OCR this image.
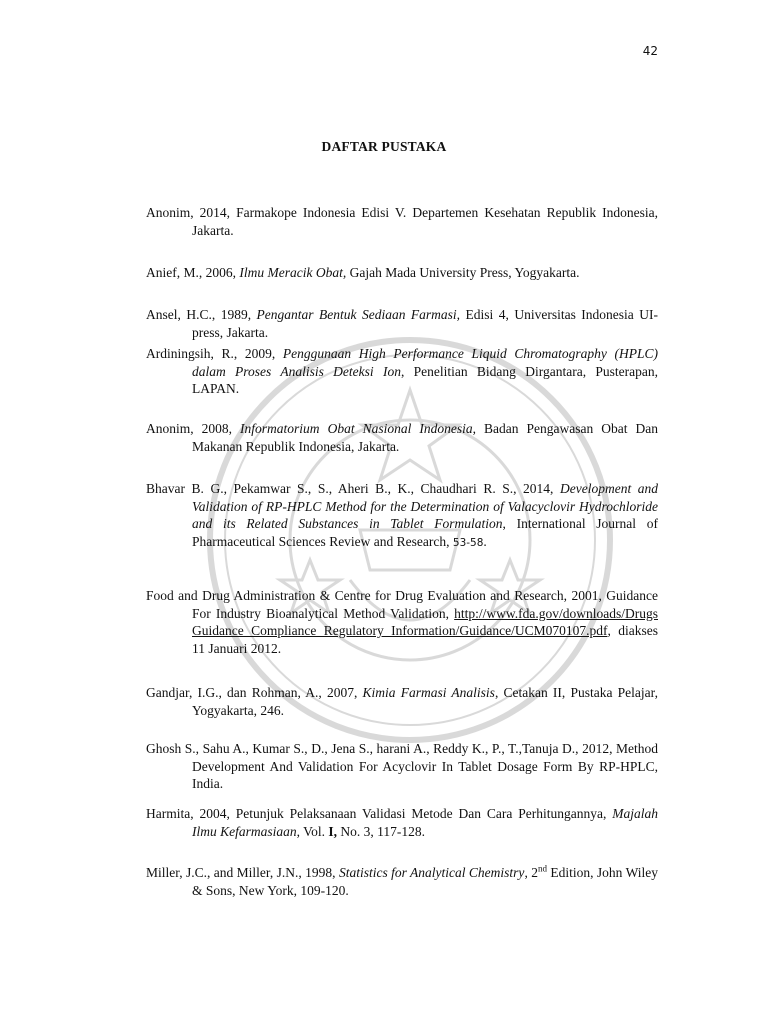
42
DAFTAR PUSTAKA
Anonim, 2014, Farmakope Indonesia Edisi V. Departemen Kesehatan Republik Indonesia, Jakarta.
Anief, M., 2006, Ilmu Meracik Obat, Gajah Mada University Press, Yogyakarta.
Ansel, H.C., 1989, Pengantar Bentuk Sediaan Farmasi, Edisi 4, Universitas Indonesia UI-press, Jakarta.
Ardiningsih, R., 2009, Penggunaan High Performance Liquid Chromatography (HPLC) dalam Proses Analisis Deteksi Ion, Penelitian Bidang Dirgantara, Pusterapan, LAPAN.
Anonim, 2008, Informatorium Obat Nasional Indonesia, Badan Pengawasan Obat Dan Makanan Republik Indonesia, Jakarta.
Bhavar B. G., Pekamwar S., S., Aheri B., K., Chaudhari R. S., 2014, Development and Validation of RP-HPLC Method for the Determination of Valacyclovir Hydrochloride and its Related Substances in Tablet Formulation, International Journal of Pharmaceutical Sciences Review and Research, 53-58.
Food and Drug Administration & Centre for Drug Evaluation and Research, 2001, Guidance For Industry Bioanalytical Method Validation, http://www.fda.gov/downloads/Drugs Guidance Compliance Regulatory Information/Guidance/UCM070107.pdf, diakses 11 Januari 2012.
Gandjar, I.G., dan Rohman, A., 2007, Kimia Farmasi Analisis, Cetakan II, Pustaka Pelajar, Yogyakarta, 246.
Ghosh S., Sahu A., Kumar S., D., Jena S., harani A., Reddy K., P., T.,Tanuja D., 2012, Method Development And Validation For Acyclovir In Tablet Dosage Form By RP-HPLC, India.
Harmita, 2004, Petunjuk Pelaksanaan Validasi Metode Dan Cara Perhitungannya, Majalah Ilmu Kefarmasiaan, Vol. I, No. 3, 117-128.
Miller, J.C., and Miller, J.N., 1998, Statistics for Analytical Chemistry, 2nd Edition, John Wiley & Sons, New York, 109-120.
